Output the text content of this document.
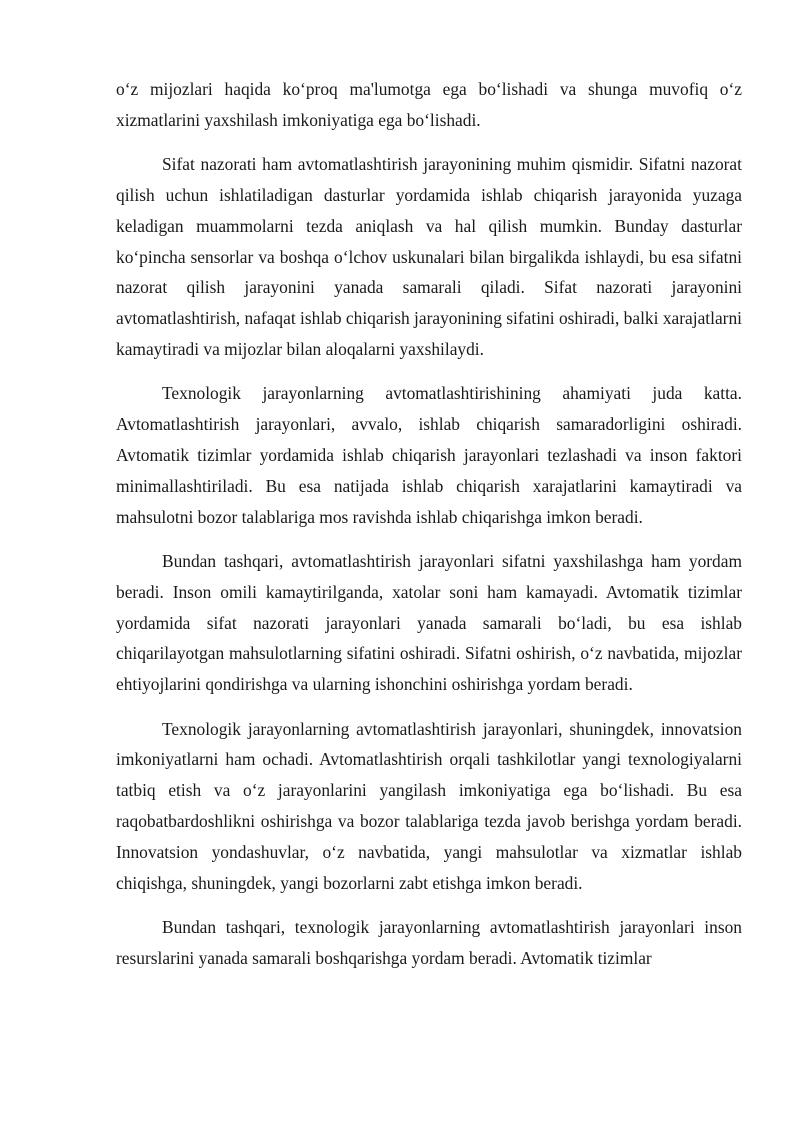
o‘z mijozlari haqida ko‘proq ma'lumotga ega bo‘lishadi va shunga muvofiq o‘z xizmatlarini yaxshilash imkoniyatiga ega bo‘lishadi.

Sifat nazorati ham avtomatlashtirish jarayonining muhim qismidir. Sifatni nazorat qilish uchun ishlatiladigan dasturlar yordamida ishlab chiqarish jarayonida yuzaga keladigan muammolarni tezda aniqlash va hal qilish mumkin. Bunday dasturlar ko‘pincha sensorlar va boshqa o‘lchov uskunalari bilan birgalikda ishlaydi, bu esa sifatni nazorat qilish jarayonini yanada samarali qiladi. Sifat nazorati jarayonini avtomatlashtirish, nafaqat ishlab chiqarish jarayonining sifatini oshiradi, balki xarajatlarni kamaytiradi va mijozlar bilan aloqalarni yaxshilaydi.

Texnologik jarayonlarning avtomatlashtirishining ahamiyati juda katta. Avtomatlashtirish jarayonlari, avvalo, ishlab chiqarish samaradorligini oshiradi. Avtomatik tizimlar yordamida ishlab chiqarish jarayonlari tezlashadi va inson faktori minimallashtiriladi. Bu esa natijada ishlab chiqarish xarajatlarini kamaytiradi va mahsulotni bozor talablariga mos ravishda ishlab chiqarishga imkon beradi.

Bundan tashqari, avtomatlashtirish jarayonlari sifatni yaxshilashga ham yordam beradi. Inson omili kamaytirilganda, xatolar soni ham kamayadi. Avtomatik tizimlar yordamida sifat nazorati jarayonlari yanada samarali bo‘ladi, bu esa ishlab chiqarilayotgan mahsulotlarning sifatini oshiradi. Sifatni oshirish, o‘z navbatida, mijozlar ehtiyojlarini qondirishga va ularning ishonchini oshirishga yordam beradi.

Texnologik jarayonlarning avtomatlashtirish jarayonlari, shuningdek, innovatsion imkoniyatlarni ham ochadi. Avtomatlashtirish orqali tashkilotlar yangi texnologiyalarni tatbiq etish va o‘z jarayonlarini yangilash imkoniyatiga ega bo‘lishadi. Bu esa raqobatbardoshlikni oshirishga va bozor talablariga tezda javob berishga yordam beradi. Innovatsion yondashuvlar, o‘z navbatida, yangi mahsulotlar va xizmatlar ishlab chiqishga, shuningdek, yangi bozorlarni zabt etishga imkon beradi.

Bundan tashqari, texnologik jarayonlarning avtomatlashtirish jarayonlari inson resurslarini yanada samarali boshqarishga yordam beradi. Avtomatik tizimlar
